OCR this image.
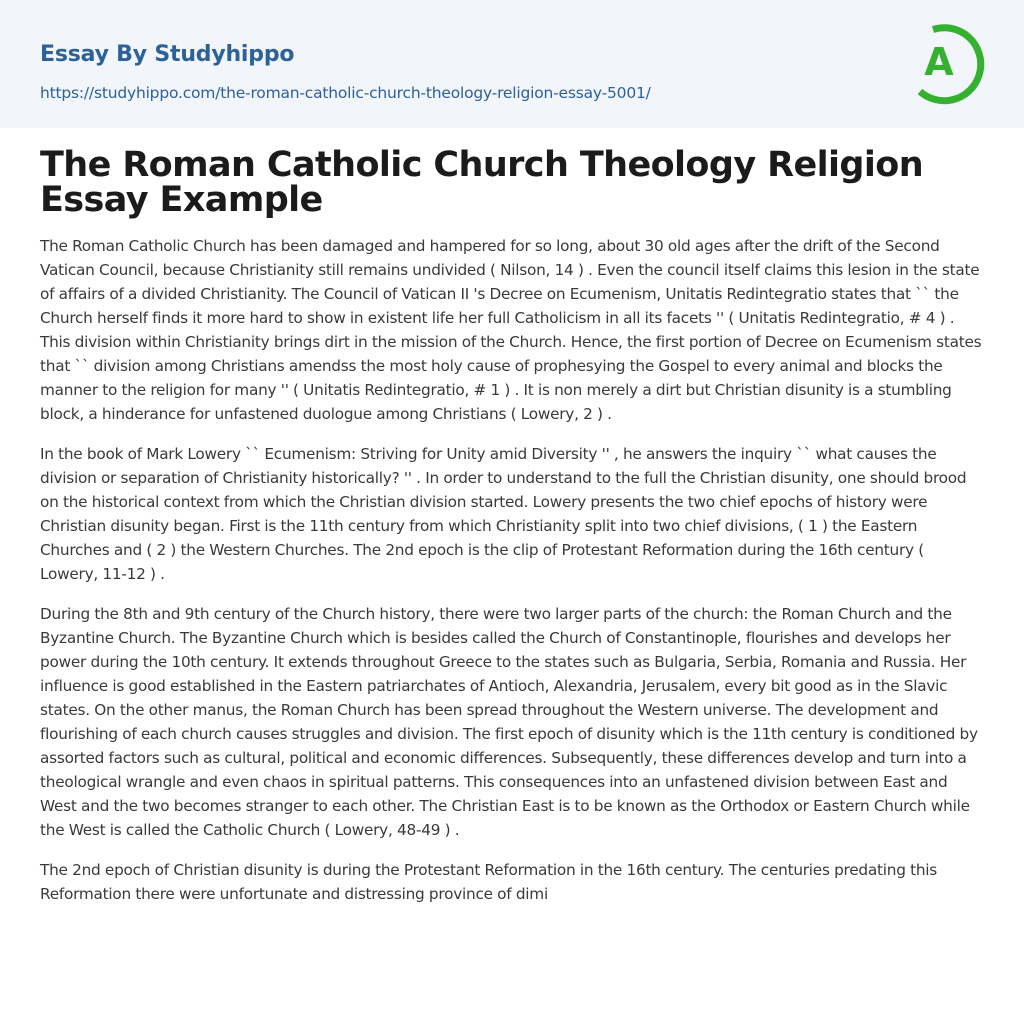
Essay By Studyhippo
https://studyhippo.com/the-roman-catholic-church-theology-religion-essay-5001/
A
The Roman Catholic Church Theology Religion Essay Example

The Roman Catholic Church has been damaged and hampered for so long, about 30 old ages after the drift of the Second Vatican Council, because Christianity still remains undivided ( Nilson, 14 ) . Even the council itself claims this lesion in the state of affairs of a divided Christianity. The Council of Vatican II 's Decree on Ecumenism, Unitatis Redintegratio states that `` the Church herself finds it more hard to show in existent life her full Catholicism in all its facets '' ( Unitatis Redintegratio, # 4 ) . This division within Christianity brings dirt in the mission of the Church. Hence, the first portion of Decree on Ecumenism states that `` division among Christians amendss the most holy cause of prophesying the Gospel to every animal and blocks the manner to the religion for many '' ( Unitatis Redintegratio, # 1 ) . It is non merely a dirt but Christian disunity is a stumbling block, a hinderance for unfastened duologue among Christians ( Lowery, 2 ) .

In the book of Mark Lowery `` Ecumenism: Striving for Unity amid Diversity '' , he answers the inquiry `` what causes the division or separation of Christianity historically? '' . In order to understand to the full the Christian disunity, one should brood on the historical context from which the Christian division started. Lowery presents the two chief epochs of history were Christian disunity began. First is the 11th century from which Christianity split into two chief divisions, ( 1 ) the Eastern Churches and ( 2 ) the Western Churches. The 2nd epoch is the clip of Protestant Reformation during the 16th century ( Lowery, 11-12 ) .

During the 8th and 9th century of the Church history, there were two larger parts of the church: the Roman Church and the Byzantine Church. The Byzantine Church which is besides called the Church of Constantinople, flourishes and develops her power during the 10th century. It extends throughout Greece to the states such as Bulgaria, Serbia, Romania and Russia. Her influence is good established in the Eastern patriarchates of Antioch, Alexandria, Jerusalem, every bit good as in the Slavic states. On the other manus, the Roman Church has been spread throughout the Western universe. The development and flourishing of each church causes struggles and division. The first epoch of disunity which is the 11th century is conditioned by assorted factors such as cultural, political and economic differences. Subsequently, these differences develop and turn into a theological wrangle and even chaos in spiritual patterns. This consequences into an unfastened division between East and West and the two becomes stranger to each other. The Christian East is to be known as the Orthodox or Eastern Church while the West is called the Catholic Church ( Lowery, 48-49 ) .

The 2nd epoch of Christian disunity is during the Protestant Reformation in the 16th century. The centuries predating this Reformation there were unfortunate and distressing province of dimi
